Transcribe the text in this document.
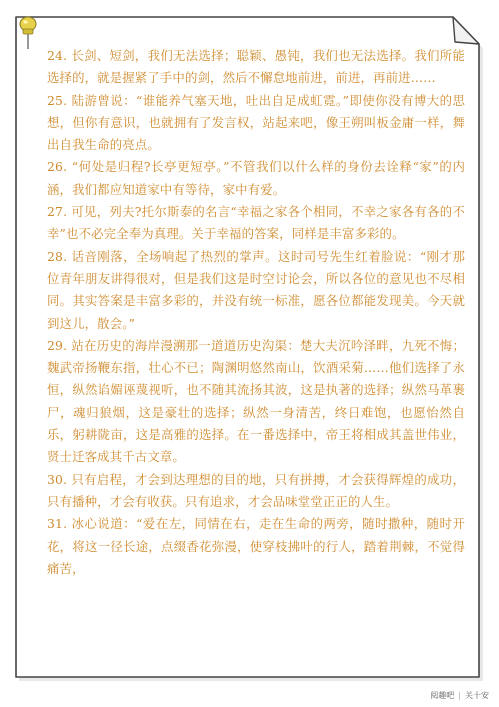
24. 长剑、短剑，我们无法选择；聪颖、愚钝，我们也无法选择。我们所能选择的，就是握紧了手中的剑，然后不懈怠地前进，前进，再前进……

25. 陆游曾说：“谁能养气塞天地，吐出自足成虹霓。”即使你没有博大的思想，但你有意识，也就拥有了发言权，站起来吧，像王朔叫板金庸一样，舞出自我生命的亮点。

26. “何处是归程?长亭更短亭。”不管我们以什么样的身份去诠释“家”的内涵，我们都应知道家中有等待，家中有爱。

27. 可见，列夫?托尔斯泰的名言“幸福之家各个相同，不幸之家各有各的不幸”也不必完全奉为真理。关于幸福的答案，同样是丰富多彩的。

28. 话音刚落，全场响起了热烈的掌声。这时司号先生红着脸说：“刚才那位青年朋友讲得很对，但是我们这是时空讨论会，所以各位的意见也不尽相同。其实答案是丰富多彩的，并没有统一标准，愿各位都能发现美。今天就到这儿，散会。”

29. 站在历史的海岸漫溯那一道道历史沟渠：楚大夫沉吟泽畔，九死不悔；魏武帝扬鞭东指，壮心不已；陶渊明悠然南山，饮酒采菊……他们选择了永恒，纵然谄媚诬蔑视听，也不随其流扬其波，这是执著的选择；纵然马革裹尸，魂归狼烟，这是豪壮的选择；纵然一身清苦，终日难饱，也愿怡然自乐，躬耕陇亩，这是高雅的选择。在一番选择中，帝王将相成其盖世伟业，贤士迁客成其千古文章。

30. 只有启程，才会到达理想的目的地，只有拼搏，才会获得辉煌的成功，只有播种，才会有收获。只有追求，才会品味堂堂正正的人生。

31. 冰心说道：“爱在左，同情在右，走在生命的两旁，随时撒种，随时开花，将这一径长途，点缀香花弥漫，使穿枝拂叶的行人，踏着荆棘，不觉得痛苦，

阅趣吧 | 关十安
